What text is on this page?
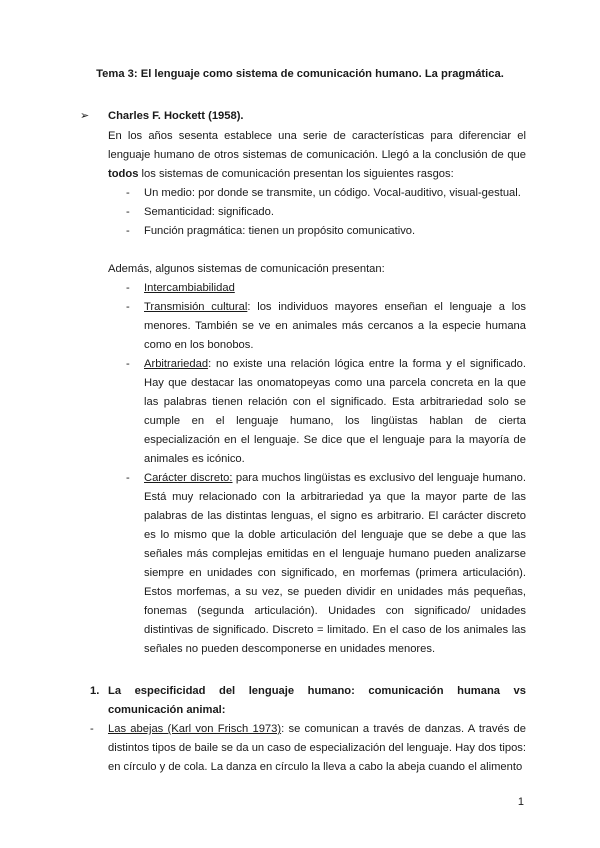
Tema 3: El lenguaje como sistema de comunicación humano. La pragmática.
➢ Charles F. Hockett (1958).
En los años sesenta establece una serie de características para diferenciar el lenguaje humano de otros sistemas de comunicación. Llegó a la conclusión de que todos los sistemas de comunicación presentan los siguientes rasgos:
-	Un medio: por donde se transmite, un código. Vocal-auditivo, visual-gestual.
-	Semanticidad: significado.
-	Función pragmática: tienen un propósito comunicativo.
Además, algunos sistemas de comunicación presentan:
-	Intercambiabilidad
-	Transmisión cultural: los individuos mayores enseñan el lenguaje a los menores. También se ve en animales más cercanos a la especie humana como en los bonobos.
-	Arbitrariedad: no existe una relación lógica entre la forma y el significado. Hay que destacar las onomatopeyas como una parcela concreta en la que las palabras tienen relación con el significado. Esta arbitrariedad solo se cumple en el lenguaje humano, los lingüistas hablan de cierta especialización en el lenguaje. Se dice que el lenguaje para la mayoría de animales es icónico.
-	Carácter discreto: para muchos lingüistas es exclusivo del lenguaje humano. Está muy relacionado con la arbitrariedad ya que la mayor parte de las palabras de las distintas lenguas, el signo es arbitrario. El carácter discreto es lo mismo que la doble articulación del lenguaje que se debe a que las señales más complejas emitidas en el lenguaje humano pueden analizarse siempre en unidades con significado, en morfemas (primera articulación). Estos morfemas, a su vez, se pueden dividir en unidades más pequeñas, fonemas (segunda articulación). Unidades con significado/ unidades distintivas de significado. Discreto = limitado. En el caso de los animales las señales no pueden descomponerse en unidades menores.
1. La especificidad del lenguaje humano: comunicación humana vs comunicación animal:
-	Las abejas (Karl von Frisch 1973): se comunican a través de danzas. A través de distintos tipos de baile se da un caso de especialización del lenguaje. Hay dos tipos: en círculo y de cola. La danza en círculo la lleva a cabo la abeja cuando el alimento
1
